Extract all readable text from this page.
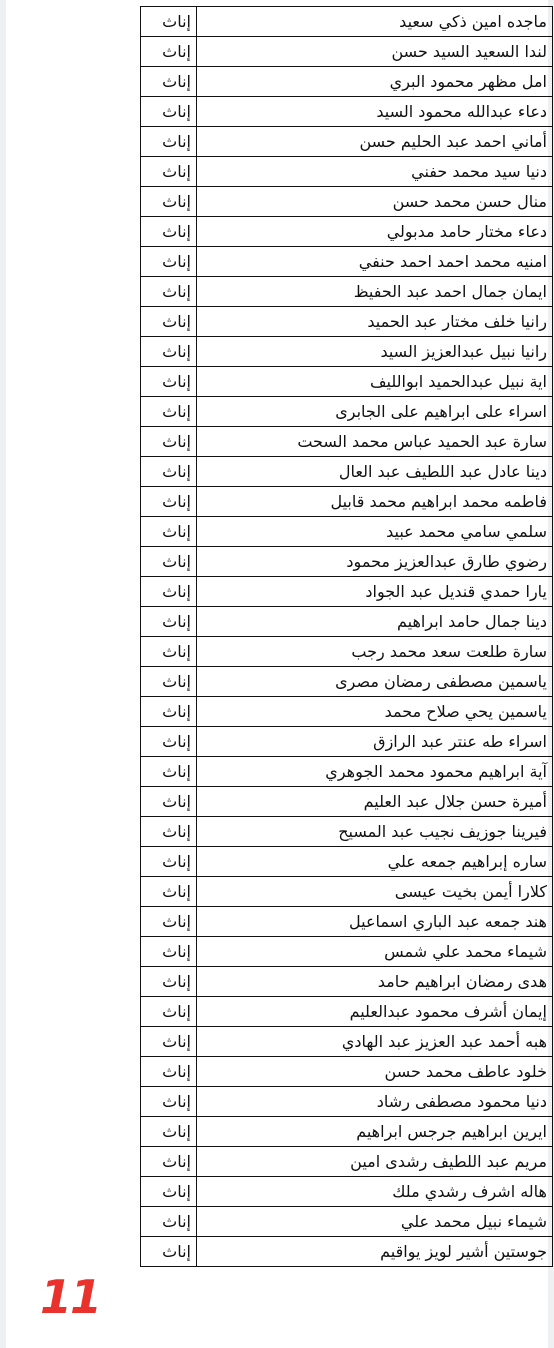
ماجده امين ذكي سعيد	إناث
لندا السعيد السيد حسن	إناث
امل مظهر محمود البري	إناث
دعاء عبدالله محمود السيد	إناث
أماني احمد عبد الحليم حسن	إناث
دنيا سيد محمد حفني	إناث
منال حسن محمد حسن	إناث
دعاء مختار حامد مدبولي	إناث
امنيه محمد احمد احمد حنفي	إناث
ايمان جمال احمد عبد الحفيظ	إناث
رانيا خلف مختار عبد الحميد	إناث
رانيا نبيل عبدالعزيز السيد	إناث
اية نبيل عبدالحميد ابوالليف	إناث
اسراء على ابراهيم على الجابرى	إناث
سارة عبد الحميد عباس محمد السحت	إناث
دينا عادل عبد اللطيف عبد العال	إناث
فاطمه محمد ابراهيم محمد قابيل	إناث
سلمي سامي محمد عبيد	إناث
رضوي طارق عبدالعزيز محمود	إناث
يارا حمدي قنديل عبد الجواد	إناث
دينا جمال حامد ابراهيم	إناث
سارة طلعت سعد محمد رجب	إناث
ياسمين مصطفى رمضان مصرى	إناث
ياسمين يحي صلاح محمد	إناث
اسراء طه عنتر عبد الرازق	إناث
آية ابراهيم محمود محمد الجوهري	إناث
أميرة حسن جلال عبد العليم	إناث
فيرينا جوزيف نجيب عبد المسيح	إناث
ساره إبراهيم جمعه علي	إناث
كلارا أيمن بخيت عيسى	إناث
هند جمعه عبد الباري اسماعيل	إناث
شيماء محمد علي شمس	إناث
هدى رمضان ابراهيم حامد	إناث
إيمان أشرف محمود عبدالعليم	إناث
هبه أحمد عبد العزيز عبد الهادي	إناث
خلود عاطف محمد حسن	إناث
دنيا محمود مصطفى رشاد	إناث
ايرين ابراهيم جرجس ابراهيم	إناث
مريم عبد اللطيف رشدى امين	إناث
هاله اشرف رشدي ملك	إناث
شيماء نبيل محمد علي	إناث
جوستين أشير لويز يواقيم	إناث
11
